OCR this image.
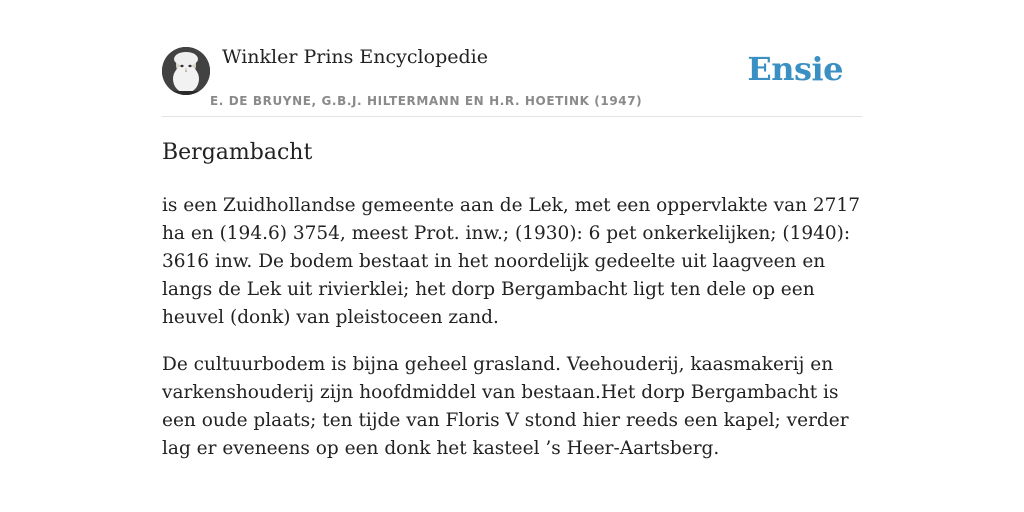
Winkler Prins Encyclopedie
E. DE BRUYNE, G.B.J. HILTERMANN EN H.R. HOETINK (1947)
Ensie
Bergambacht

is een Zuidhollandse gemeente aan de Lek, met een oppervlakte van 2717 ha en (194.6) 3754, meest Prot. inw.; (1930): 6 pet onkerkelijken; (1940): 3616 inw. De bodem bestaat in het noordelijk gedeelte uit laagveen en langs de Lek uit rivierklei; het dorp Bergambacht ligt ten dele op een heuvel (donk) van pleistoceen zand.

De cultuurbodem is bijna geheel grasland. Veehouderij, kaasmakerij en varkenshouderij zijn hoofdmiddel van bestaan.Het dorp Bergambacht is een oude plaats; ten tijde van Floris V stond hier reeds een kapel; verder lag er eveneens op een donk het kasteel ’s Heer-Aartsberg.
